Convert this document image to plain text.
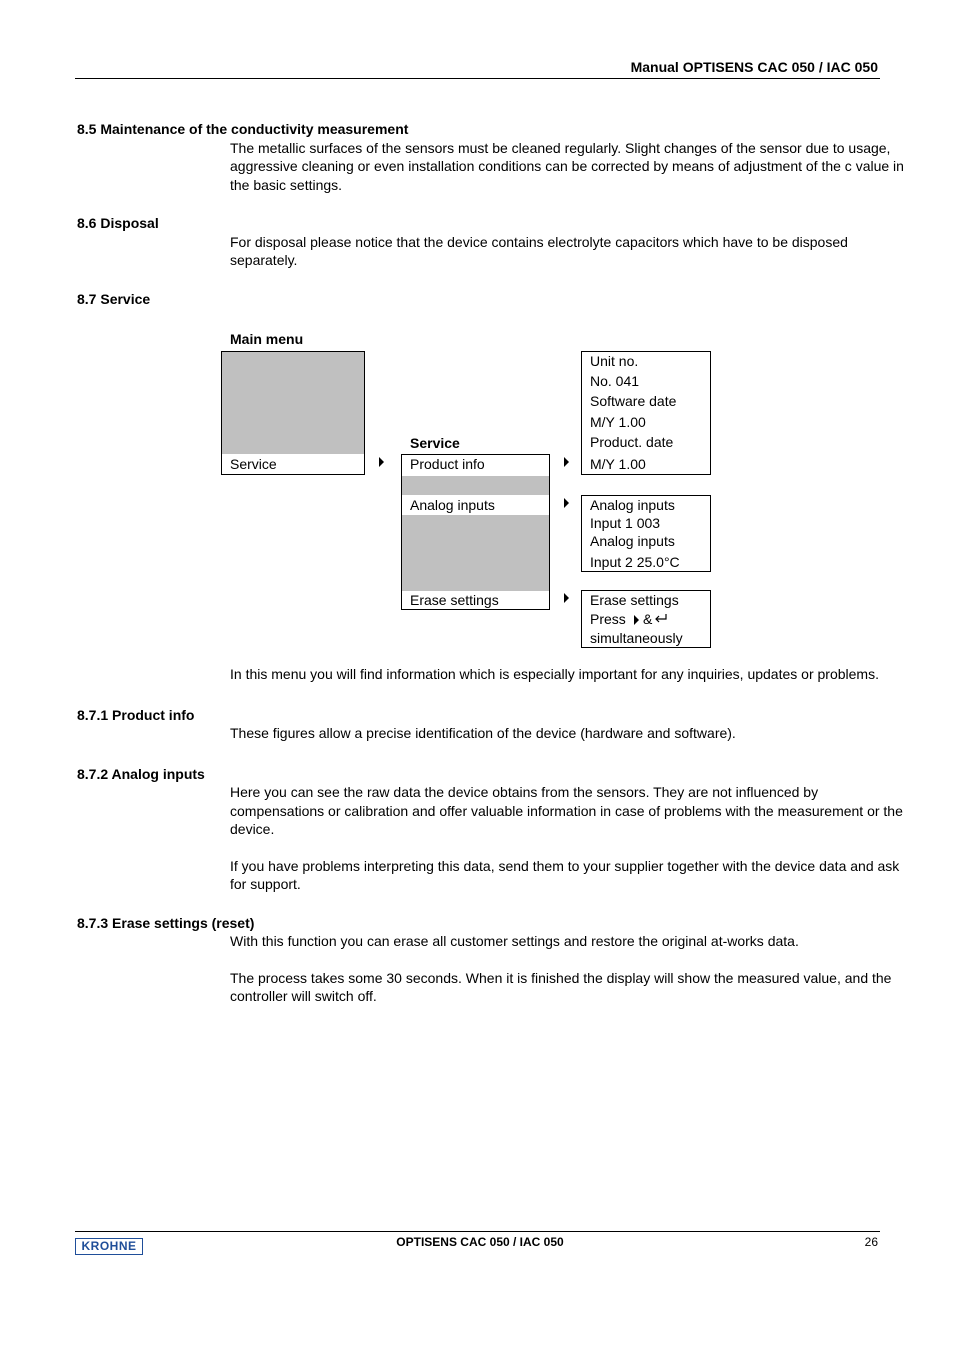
Manual OPTISENS CAC 050 / IAC 050
8.5 Maintenance of the conductivity measurement
The metallic surfaces of the sensors must be cleaned regularly. Slight changes of the sensor due to usage,
aggressive cleaning or even installation conditions can be corrected by means of adjustment of the c value in
the basic settings.
8.6 Disposal
For disposal please notice that the device contains electrolyte capacitors which have to be disposed
separately.
8.7 Service
Main menu
Service
Service
Product info
Analog inputs
Erase settings
Unit no.
No. 041
Software date
M/Y 1.00
Product. date
M/Y 1.00
Analog inputs
Input 1 003
Analog inputs
Input 2 25.0°C
Erase settings
Press &
simultaneously
In this menu you will find information which is especially important for any inquiries, updates or problems.
8.7.1 Product info
These figures allow a precise identification of the device (hardware and software).
8.7.2 Analog inputs
Here you can see the raw data the device obtains from the sensors. They are not influenced by
compensations or calibration and offer valuable information in case of problems with the measurement or the
device.
If you have problems interpreting this data, send them to your supplier together with the device data and ask
for support.
8.7.3 Erase settings (reset)
With this function you can erase all customer settings and restore the original at-works data.
The process takes some 30 seconds. When it is finished the display will show the measured value, and the
controller will switch off.
KROHNE	OPTISENS CAC 050 / IAC 050	26
